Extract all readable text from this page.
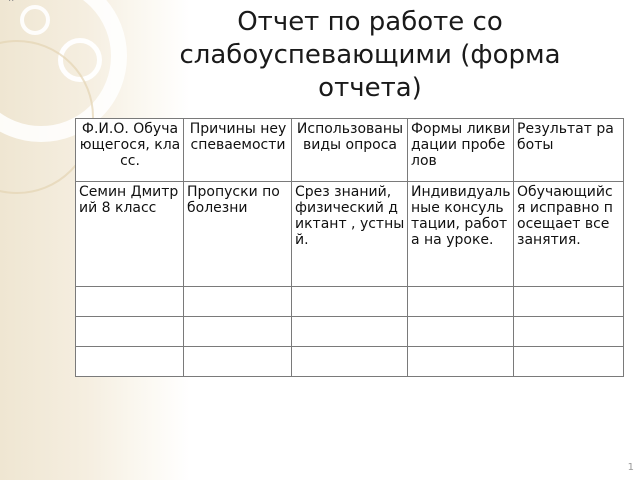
··
Отчет по работе со слабоуспевающими (форма отчета)
Ф.И.О. Обучающегося, класс.	Причины неуспеваемости	Использованы виды опроса	Формы ликвидации пробелов	Результат работы
Семин Дмитрий 8 класс	Пропуски по болезни	Срез знаний, физический диктант , устный.	Индивидуальные консультации, работа на уроке.	Обучающийся исправно посещает все занятия.

1
